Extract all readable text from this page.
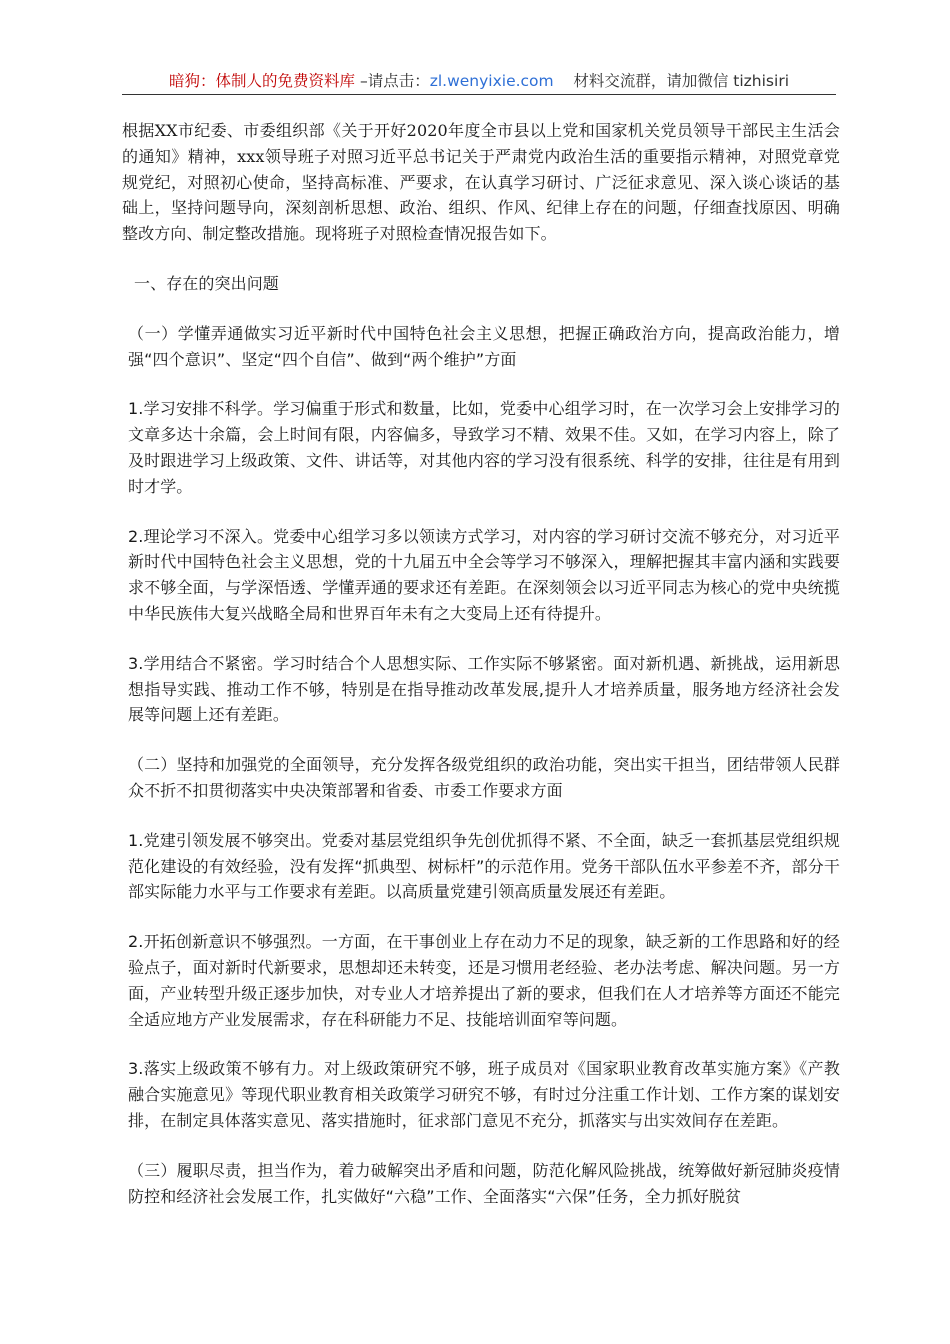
暗狗：体制人的免费资料库 –请点击：zl.wenyixie.com 材料交流群，请加微信 tizhisiri

根据XX市纪委、市委组织部《关于开好2020年度全市县以上党和国家机关党员领导干部民主生活会的通知》精神，xxx领导班子对照习近平总书记关于严肃党内政治生活的重要指示精神，对照党章党规党纪，对照初心使命，坚持高标准、严要求，在认真学习研讨、广泛征求意见、深入谈心谈话的基础上，坚持问题导向，深刻剖析思想、政治、组织、作风、纪律上存在的问题，仔细查找原因、明确整改方向、制定整改措施。现将班子对照检查情况报告如下。

一、存在的突出问题

（一）学懂弄通做实习近平新时代中国特色社会主义思想，把握正确政治方向，提高政治能力，增强“四个意识”、坚定“四个自信”、做到“两个维护”方面

1.学习安排不科学。学习偏重于形式和数量，比如，党委中心组学习时，在一次学习会上安排学习的文章多达十余篇，会上时间有限，内容偏多，导致学习不精、效果不佳。又如，在学习内容上，除了及时跟进学习上级政策、文件、讲话等，对其他内容的学习没有很系统、科学的安排，往往是有用到时才学。

2.理论学习不深入。党委中心组学习多以领读方式学习，对内容的学习研讨交流不够充分，对习近平新时代中国特色社会主义思想，党的十九届五中全会等学习不够深入，理解把握其丰富内涵和实践要求不够全面，与学深悟透、学懂弄通的要求还有差距。在深刻领会以习近平同志为核心的党中央统揽中华民族伟大复兴战略全局和世界百年未有之大变局上还有待提升。

3.学用结合不紧密。学习时结合个人思想实际、工作实际不够紧密。面对新机遇、新挑战，运用新思想指导实践、推动工作不够，特别是在指导推动改革发展,提升人才培养质量，服务地方经济社会发展等问题上还有差距。

（二）坚持和加强党的全面领导，充分发挥各级党组织的政治功能，突出实干担当，团结带领人民群众不折不扣贯彻落实中央决策部署和省委、市委工作要求方面

1.党建引领发展不够突出。党委对基层党组织争先创优抓得不紧、不全面，缺乏一套抓基层党组织规范化建设的有效经验，没有发挥“抓典型、树标杆”的示范作用。党务干部队伍水平参差不齐，部分干部实际能力水平与工作要求有差距。以高质量党建引领高质量发展还有差距。

2.开拓创新意识不够强烈。一方面，在干事创业上存在动力不足的现象，缺乏新的工作思路和好的经验点子，面对新时代新要求，思想却还未转变，还是习惯用老经验、老办法考虑、解决问题。另一方面，产业转型升级正逐步加快，对专业人才培养提出了新的要求，但我们在人才培养等方面还不能完全适应地方产业发展需求，存在科研能力不足、技能培训面窄等问题。

3.落实上级政策不够有力。对上级政策研究不够，班子成员对《国家职业教育改革实施方案》《产教融合实施意见》等现代职业教育相关政策学习研究不够，有时过分注重工作计划、工作方案的谋划安排，在制定具体落实意见、落实措施时，征求部门意见不充分，抓落实与出实效间存在差距。

（三）履职尽责，担当作为，着力破解突出矛盾和问题，防范化解风险挑战，统筹做好新冠肺炎疫情防控和经济社会发展工作，扎实做好“六稳”工作、全面落实“六保”任务，全力抓好脱贫
